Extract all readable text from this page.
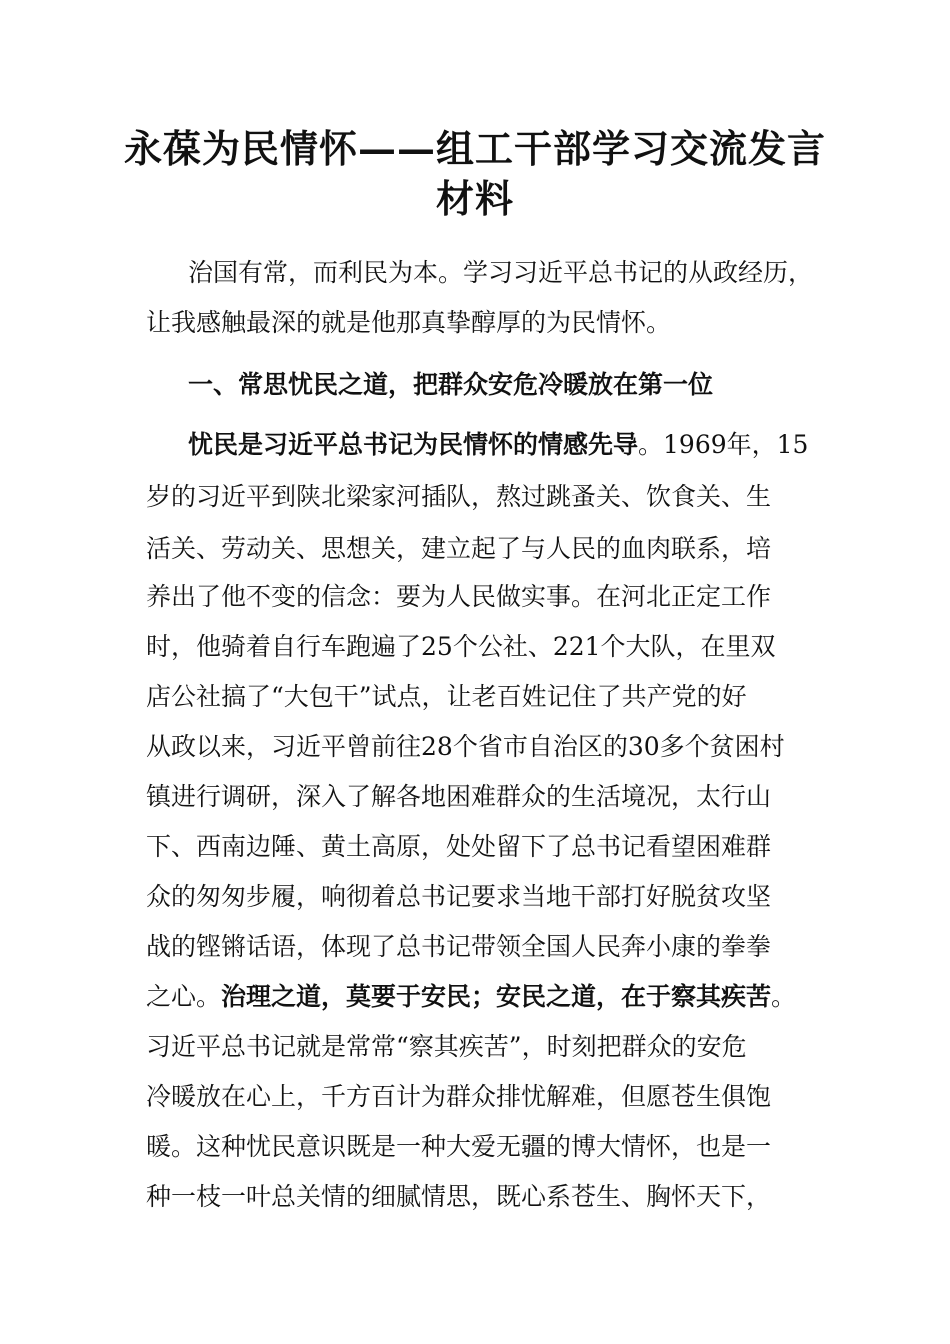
永葆为民情怀——组工干部学习交流发言
材料

治国有常，而利民为本。学习习近平总书记的从政经历，

让我感触最深的就是他那真挚醇厚的为民情怀。

一、常思忧民之道，把群众安危冷暖放在第一位

忧民是习近平总书记为民情怀的情感先导。1969年，15

岁的习近平到陕北梁家河插队，熬过跳蚤关、饮食关、生

活关、劳动关、思想关，建立起了与人民的血肉联系，培

养出了他不变的信念：要为人民做实事。在河北正定工作

时，他骑着自行车跑遍了25个公社、221个大队，在里双

店公社搞了“大包干”试点，让老百姓记住了共产党的好

从政以来，习近平曾前往28个省市自治区的30多个贫困村

镇进行调研，深入了解各地困难群众的生活境况，太行山

下、西南边陲、黄土高原，处处留下了总书记看望困难群

众的匆匆步履，响彻着总书记要求当地干部打好脱贫攻坚

战的铿锵话语，体现了总书记带领全国人民奔小康的拳拳

之心。治理之道，莫要于安民；安民之道，在于察其疾苦。

习近平总书记就是常常“察其疾苦”，时刻把群众的安危

冷暖放在心上，千方百计为群众排忧解难，但愿苍生俱饱

暖。这种忧民意识既是一种大爱无疆的博大情怀，也是一

种一枝一叶总关情的细腻情思，既心系苍生、胸怀天下，
